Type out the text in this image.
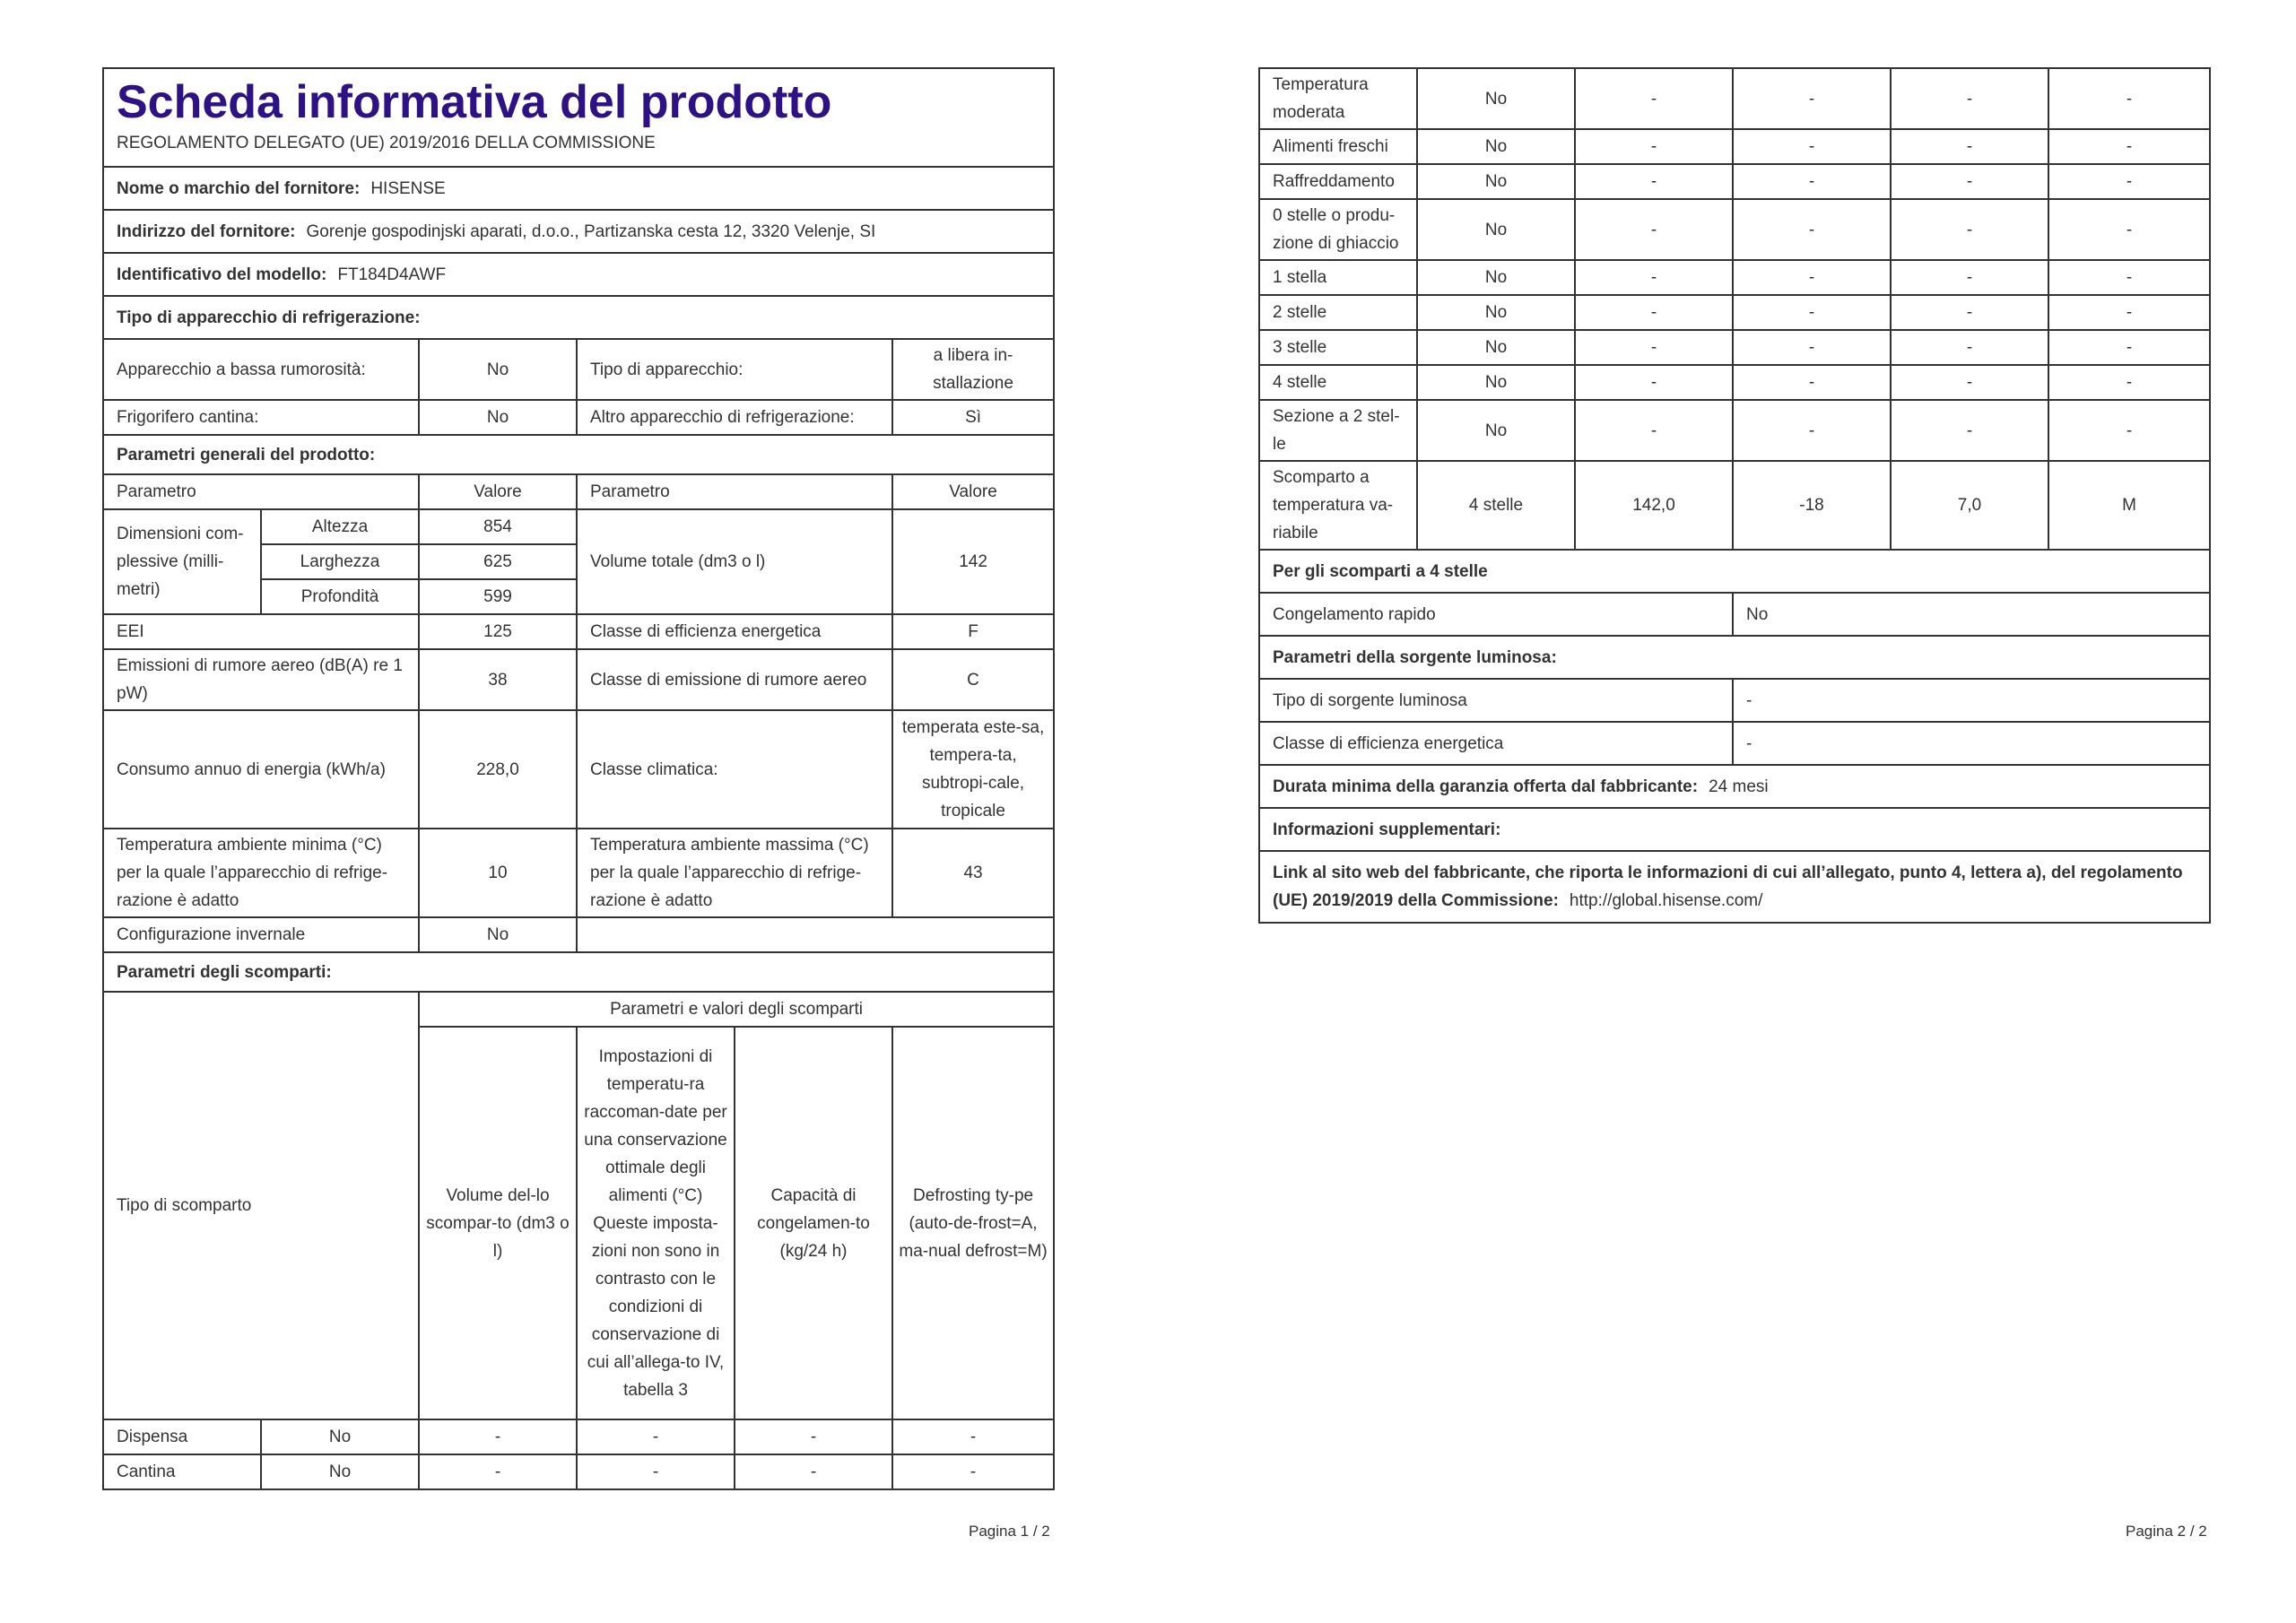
Scheda informativa del prodotto
REGOLAMENTO DELEGATO (UE) 2019/2016 DELLA COMMISSIONE					

Nome o marchio del fornitore: HISENSE					
Indirizzo del fornitore: Gorenje gospodinjski aparati, d.o.o., Partizanska cesta 12, 3320 Velenje, SI					
Identificativo del modello: FT184D4AWF					
Tipo di apparecchio di refrigerazione:					
Apparecchio a bassa rumorosità:		No	Tipo di apparecchio:		a libera in-stallazione
Frigorifero cantina:		No	Altro apparecchio di refrigerazione:		Sì
Parametri generali del prodotto:					
Parametro		Valore	Parametro		Valore
Dimensioni com-plessive (milli-metri)	Altezza	854	Volume totale (dm3 o l)		142
	Larghezza	625			
	Profondità	599			
EEI		125	Classe di efficienza energetica		F
Emissioni di rumore aereo (dB(A) re 1 pW)		38	Classe di emissione di rumore aereo		C
Consumo annuo di energia (kWh/a)		228,0	Classe climatica:		temperata este-sa, tempera-ta, subtropi-cale, tropicale
Temperatura ambiente minima (°C) per la quale l’apparecchio di refrige-razione è adatto		10	Temperatura ambiente massima (°C) per la quale l’apparecchio di refrige-razione è adatto		43
Configurazione invernale		No			
Parametri degli scomparti:					
Tipo di scomparto		Parametri e valori degli scomparti			
		Volume del-lo scompar-to (dm3 o l)	Impostazioni di temperatu-ra raccoman-date per una conservazione ottimale degli alimenti (°C) Queste imposta-zioni non sono in contrasto con le condizioni di conservazione di cui all’allega-to IV, tabella 3	Capacità di congelamen-to (kg/24 h)	Defrosting ty-pe (auto-de-frost=A, ma-nual defrost=M)
Dispensa	No	-	-	-	-
Cantina	No	-	-	-	-
Pagina 1 / 2
Temperatura moderata	No	-	-	-	-
Alimenti freschi	No	-	-	-	-
Raffreddamento	No	-	-	-	-
0 stelle o produ-zione di ghiaccio	No	-	-	-	-
1 stella	No	-	-	-	-
2 stelle	No	-	-	-	-
3 stelle	No	-	-	-	-
4 stelle	No	-	-	-	-
Sezione a 2 stel-le	No	-	-	-	-
Scomparto a temperatura va-riabile	4 stelle	142,0	-18	7,0	M
Per gli scomparti a 4 stelle					
Congelamento rapido			No		
Parametri della sorgente luminosa:					
Tipo di sorgente luminosa			-		
Classe di efficienza energetica			-		
Durata minima della garanzia offerta dal fabbricante: 24 mesi					
Informazioni supplementari:					
Link al sito web del fabbricante, che riporta le informazioni di cui all’allegato, punto 4, lettera a), del regolamento (UE) 2019/2019 della Commissione: http://global.hisense.com/					
Pagina 2 / 2
